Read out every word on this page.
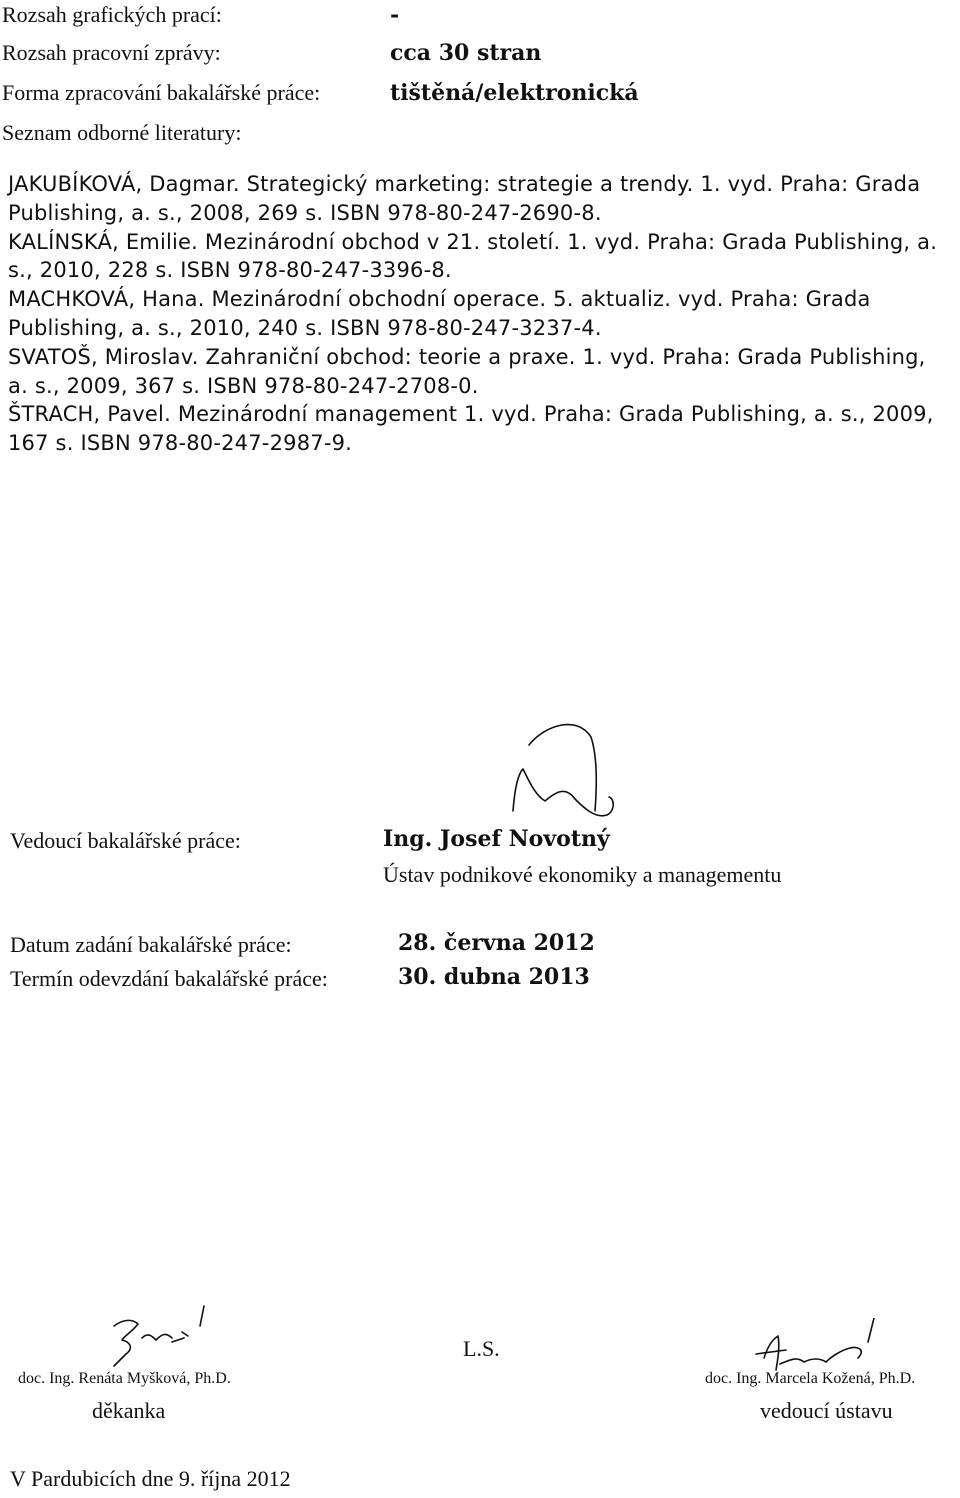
Rozsah grafických prací:	-
Rozsah pracovní zprávy:	cca 30 stran
Forma zpracování bakalářské práce:	tištěná/elektronická
Seznam odborné literatury:

JAKUBÍKOVÁ, Dagmar. Strategický marketing: strategie a trendy. 1. vyd. Praha: Grada Publishing, a. s., 2008, 269 s. ISBN 978-80-247-2690-8.

KALÍNSKÁ, Emilie. Mezinárodní obchod v 21. století. 1. vyd. Praha: Grada Publishing, a. s., 2010, 228 s. ISBN 978-80-247-3396-8.

MACHKOVÁ, Hana. Mezinárodní obchodní operace. 5. aktualiz. vyd. Praha: Grada Publishing, a. s., 2010, 240 s. ISBN 978-80-247-3237-4.

SVATOŠ, Miroslav. Zahraniční obchod: teorie a praxe. 1. vyd. Praha: Grada Publishing, a. s., 2009, 367 s. ISBN 978-80-247-2708-0.

ŠTRACH, Pavel. Mezinárodní management 1. vyd. Praha: Grada Publishing, a. s., 2009, 167 s. ISBN 978-80-247-2987-9.

Vedoucí bakalářské práce:	Ing. Josef Novotný
Ústav podnikové ekonomiky a managementu
Datum zadání bakalářské práce:	28. června 2012
Termín odevzdání bakalářské práce:	30. dubna 2013
doc. Ing. Renáta Myšková, Ph.D.
děkanka
L.S.
doc. Ing. Marcela Kožená, Ph.D.
vedoucí ústavu
V Pardubicích dne 9. října 2012
